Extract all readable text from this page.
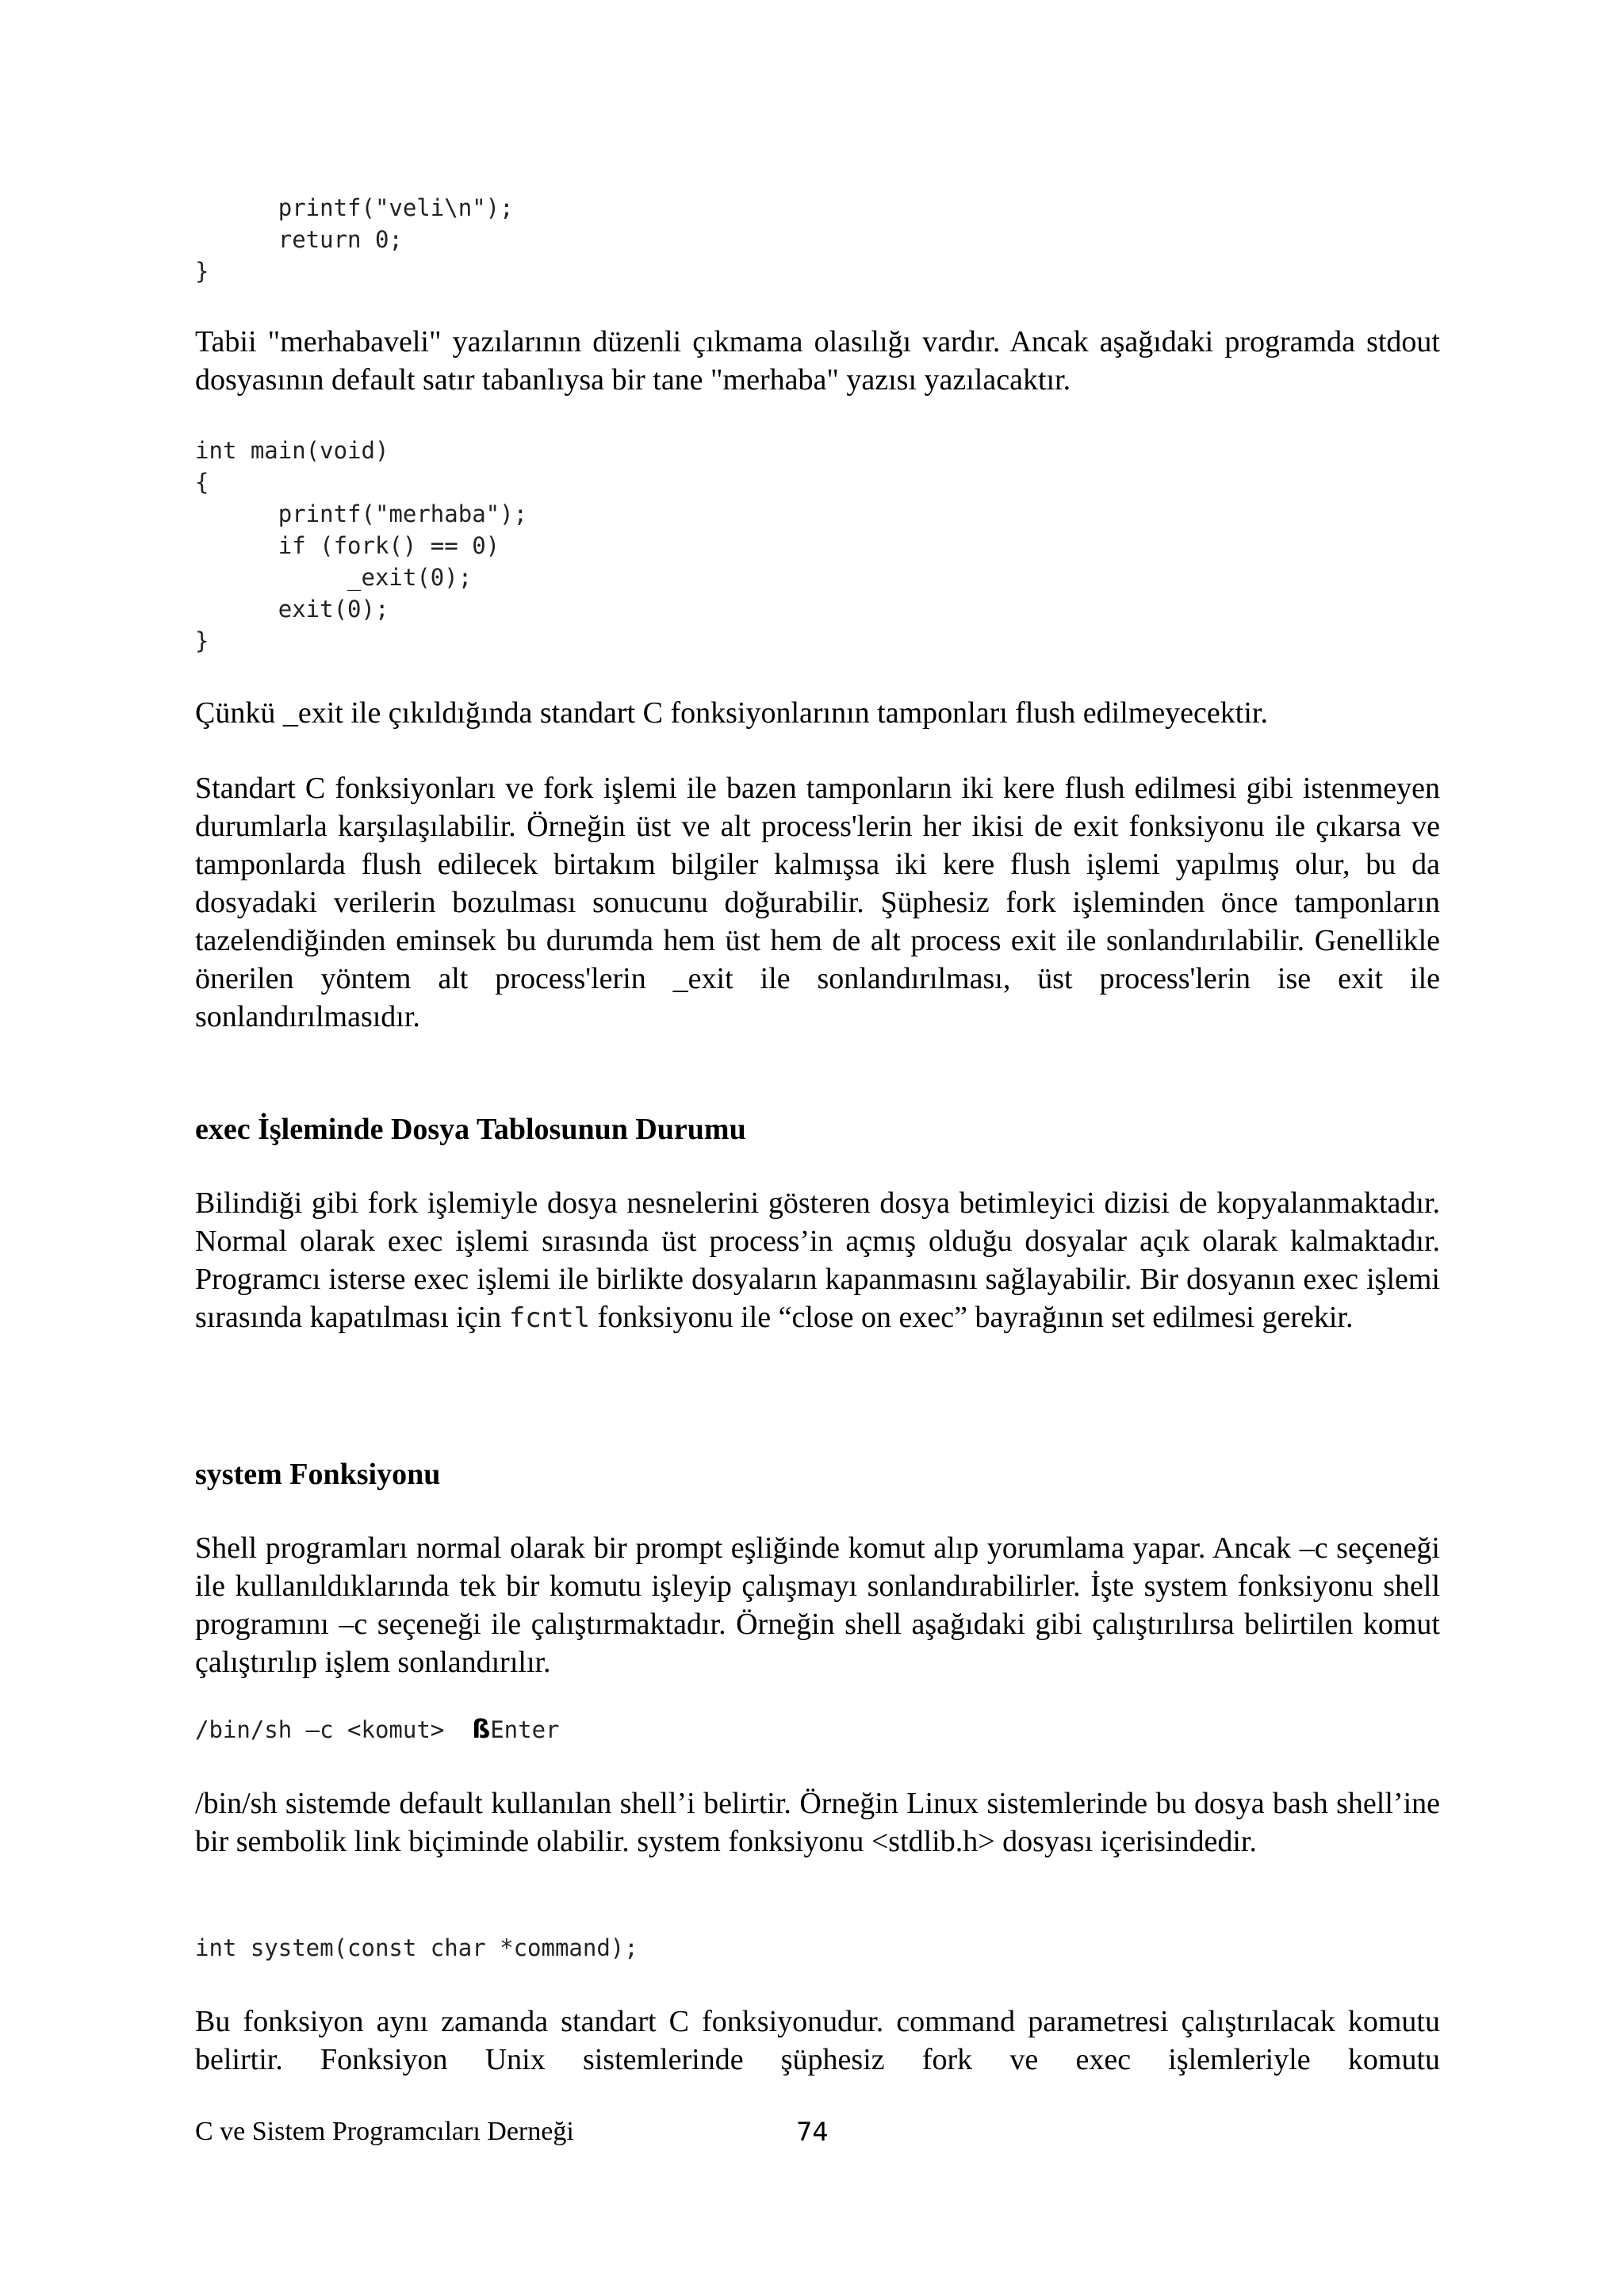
printf("veli\n");
return 0;
}

Tabii "merhabaveli" yazılarının düzenli çıkmama olasılığı vardır. Ancak aşağıdaki programda stdout dosyasının default satır tabanlıysa bir tane "merhaba" yazısı yazılacaktır.

int main(void)
{
printf("merhaba");
if (fork() == 0)
_exit(0);
exit(0);
}

Çünkü _exit ile çıkıldığında standart C fonksiyonlarının tamponları flush edilmeyecektir.

Standart C fonksiyonları ve fork işlemi ile bazen tamponların iki kere flush edilmesi gibi istenmeyen durumlarla karşılaşılabilir. Örneğin üst ve alt process'lerin her ikisi de exit fonksiyonu ile çıkarsa ve tamponlarda flush edilecek birtakım bilgiler kalmışsa iki kere flush işlemi yapılmış olur, bu da dosyadaki verilerin bozulması sonucunu doğurabilir. Şüphesiz fork işleminden önce tamponların tazelendiğinden eminsek bu durumda hem üst hem de alt process exit ile sonlandırılabilir. Genellikle önerilen yöntem alt process'lerin _exit ile sonlandırılması, üst process'lerin ise exit ile sonlandırılmasıdır.

exec İşleminde Dosya Tablosunun Durumu

Bilindiği gibi fork işlemiyle dosya nesnelerini gösteren dosya betimleyici dizisi de kopyalanmaktadır. Normal olarak exec işlemi sırasında üst process’in açmış olduğu dosyalar açık olarak kalmaktadır. Programcı isterse exec işlemi ile birlikte dosyaların kapanmasını sağlayabilir. Bir dosyanın exec işlemi sırasında kapatılması için fcntl fonksiyonu ile “close on exec” bayrağının set edilmesi gerekir.

system Fonksiyonu

Shell programları normal olarak bir prompt eşliğinde komut alıp yorumlama yapar. Ancak –c seçeneği ile kullanıldıklarında tek bir komutu işleyip çalışmayı sonlandırabilirler. İşte system fonksiyonu shell programını –c seçeneği ile çalıştırmaktadır. Örneğin shell aşağıdaki gibi çalıştırılırsa belirtilen komut çalıştırılıp işlem sonlandırılır.

/bin/sh –c <komut>  ßEnter

/bin/sh sistemde default kullanılan shell’i belirtir. Örneğin Linux sistemlerinde bu dosya bash shell’ine bir sembolik link biçiminde olabilir. system fonksiyonu <stdlib.h> dosyası içerisindedir.

int system(const char *command);

Bu fonksiyon aynı zamanda standart C fonksiyonudur. command parametresi çalıştırılacak komutu belirtir. Fonksiyon Unix sistemlerinde şüphesiz fork ve exec işlemleriyle komutu

C ve Sistem Programcıları Derneği	74
